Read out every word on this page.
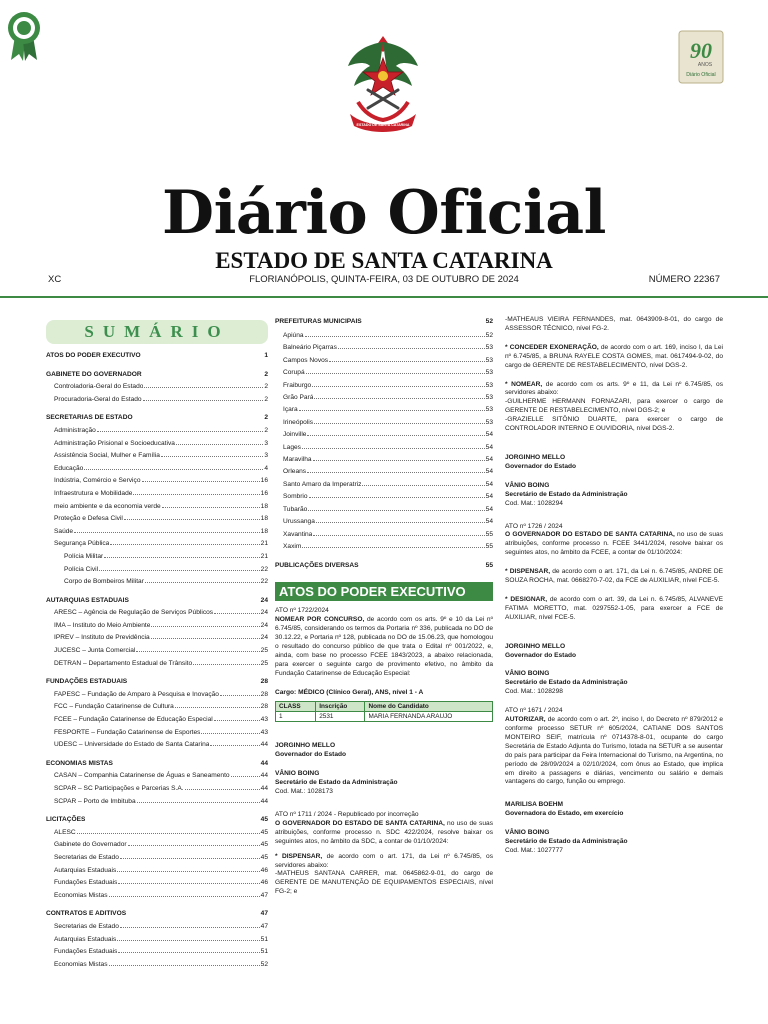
ESTADO DE SANTA CATARINA
90
ANOS
Diário Oficial
Diário Oficial
ESTADO DE SANTA CATARINA
XC	FLORIANÓPOLIS, QUINTA-FEIRA, 03 DE OUTUBRO DE 2024	NÚMERO 22367
SUMÁRIO
ATOS DO PODER EXECUTIVO	1
GABINETE DO GOVERNADOR	2
Controladoria-Geral do Estado	2
Procuradoria-Geral do Estado	2
SECRETARIAS DE ESTADO	2
Administração	2
Administração Prisional e Socioeducativa	3
Assistência Social, Mulher e Família	3
Educação	4
Indústria, Comércio e Serviço	16
Infraestrutura e Mobilidade	16
meio ambiente e da economia verde	18
Proteção e Defesa Civil	18
Saúde	18
Segurança Pública	21
Polícia Militar	21
Polícia Civil	22
Corpo de Bombeiros Militar	22
AUTARQUIAS ESTADUAIS	24
ARESC – Agência de Regulação de Serviços Públicos	24
IMA – Instituto do Meio Ambiente	24
IPREV – Instituto de Previdência	24
JUCESC – Junta Comercial	25
DETRAN – Departamento Estadual de Trânsito	25
FUNDAÇÕES ESTADUAIS	28
FAPESC – Fundação de Amparo à Pesquisa e Inovação	28
FCC – Fundação Catarinense de Cultura	28
FCEE – Fundação Catarinense de Educação Especial	43
FESPORTE – Fundação Catarinense de Esportes	43
UDESC – Universidade do Estado de Santa Catarina	44
ECONOMIAS MISTAS	44
CASAN – Companhia Catarinense de Águas e Saneamento	44
SCPAR – SC Participações e Parcerias S.A.	44
SCPAR – Porto de Imbituba	44
LICITAÇÕES	45
ALESC	45
Gabinete do Governador	45
Secretarias de Estado	45
Autarquias Estaduais	46
Fundações Estaduais	46
Economias Mistas	47
CONTRATOS E ADITIVOS	47
Secretarias de Estado	47
Autarquias Estaduais	51
Fundações Estaduais	51
Economias Mistas	52
PREFEITURAS MUNICIPAIS	52
Apiúna	52
Balneário Piçarras	53
Campos Novos	53
Corupá	53
Fraiburgo	53
Grão Pará	53
Içara	53
Irineópolis	53
Joinville	54
Lages	54
Maravilha	54
Orleans	54
Santo Amaro da Imperatriz	54
Sombrio	54
Tubarão	54
Urussanga	54
Xavantina	55
Xaxim	55
PUBLICAÇÕES DIVERSAS	55
ATOS DO PODER EXECUTIVO

ATO nº 1722/2024

NOMEAR POR CONCURSO, de acordo com os arts. 9º e 10 da Lei nº 6.745/85, considerando os termos da Portaria nº 336, publicada no DO de 30.12.22, e Portaria nº 128, publicada no DO de 15.06.23, que homologou o resultado do concurso público de que trata o Edital nº 001/2022, e, ainda, com base no processo FCEE 1843/2023, a abaixo relacionada, para exercer o seguinte cargo de provimento efetivo, no âmbito da Fundação Catarinense de Educação Especial:

Cargo: MÉDICO (Clínico Geral), ANS, nível 1 - A

CLASS	Inscrição	Nome do Candidato
1	2531	MARIA FERNANDA ARAUJO

JORGINHO MELLO

Governador do Estado

VÂNIO BOING

Secretário de Estado da Administração

Cod. Mat.: 1028173

ATO nº 1711 / 2024 - Republicado por incorreção

O GOVERNADOR DO ESTADO DE SANTA CATARINA, no uso de suas atribuições, conforme processo n. SDC 422/2024, resolve baixar os seguintes atos, no âmbito da SDC, a contar de 01/10/2024:

* DISPENSAR, de acordo com o art. 171, da Lei nº 6.745/85, os servidores abaixo:

-MATHEUS SANTANA CARRER, mat. 0645862-9-01, do cargo de GERENTE DE MANUTENÇÃO DE EQUIPAMENTOS ESPECIAIS, nível FG-2; e

-MATHEAUS VIEIRA FERNANDES, mat. 0643909-8-01, do cargo de ASSESSOR TÉCNICO, nível FG-2.

* CONCEDER EXONERAÇÃO, de acordo com o art. 169, inciso I, da Lei nº 6.745/85, a BRUNA RAYELE COSTA GOMES, mat. 0617494-9-02, do cargo de GERENTE DE RESTABELECIMENTO, nível DGS-2.

* NOMEAR, de acordo com os arts. 9º e 11, da Lei nº 6.745/85, os servidores abaixo:

-GUILHERME HERMANN FORNAZARI, para exercer o cargo de GERENTE DE RESTABELECIMENTO, nível DGS-2; e

-GRAZIELLE SITÔNIO DUARTE, para exercer o cargo de CONTROLADOR INTERNO E OUVIDORIA, nível DGS-2.

JORGINHO MELLO

Governador do Estado

VÂNIO BOING

Secretário de Estado da Administração

Cod. Mat.: 1028294

ATO nº 1726 / 2024

O GOVERNADOR DO ESTADO DE SANTA CATARINA, no uso de suas atribuições, conforme processo n. FCEE 3441/2024, resolve baixar os seguintes atos, no âmbito da FCEE, a contar de 01/10/2024:

* DISPENSAR, de acordo com o art. 171, da Lei n. 6.745/85, ANDRE DE SOUZA ROCHA, mat. 0668270-7-02, da FCE de AUXILIAR, nível FCE-5.

* DESIGNAR, de acordo com o art. 39, da Lei n. 6.745/85, ALVANEVE FATIMA MORETTO, mat. 0297552-1-05, para exercer a FCE de AUXILIAR, nível FCE-5.

JORGINHO MELLO

Governador do Estado

VÂNIO BOING

Secretário de Estado da Administração

Cod. Mat.: 1028298

ATO nº 1671 / 2024

AUTORIZAR, de acordo com o art. 2º, inciso I, do Decreto nº 879/2012 e conforme processo SETUR nº 605/2024, CATIANE DOS SANTOS MONTEIRO SEIF, matrícula nº 0714378-8-01, ocupante do cargo Secretária de Estado Adjunta do Turismo, lotada na SETUR a se ausentar do país para participar da Feira Internacional do Turismo, na Argentina, no período de 28/09/2024 a 02/10/2024, com ônus ao Estado, que implica em direito a passagens e diárias, vencimento ou salário e demais vantagens do cargo, função ou emprego.

MARILISA BOEHM

Governadora do Estado, em exercício

VÂNIO BOING

Secretário de Estado da Administração

Cod. Mat.: 1027777
